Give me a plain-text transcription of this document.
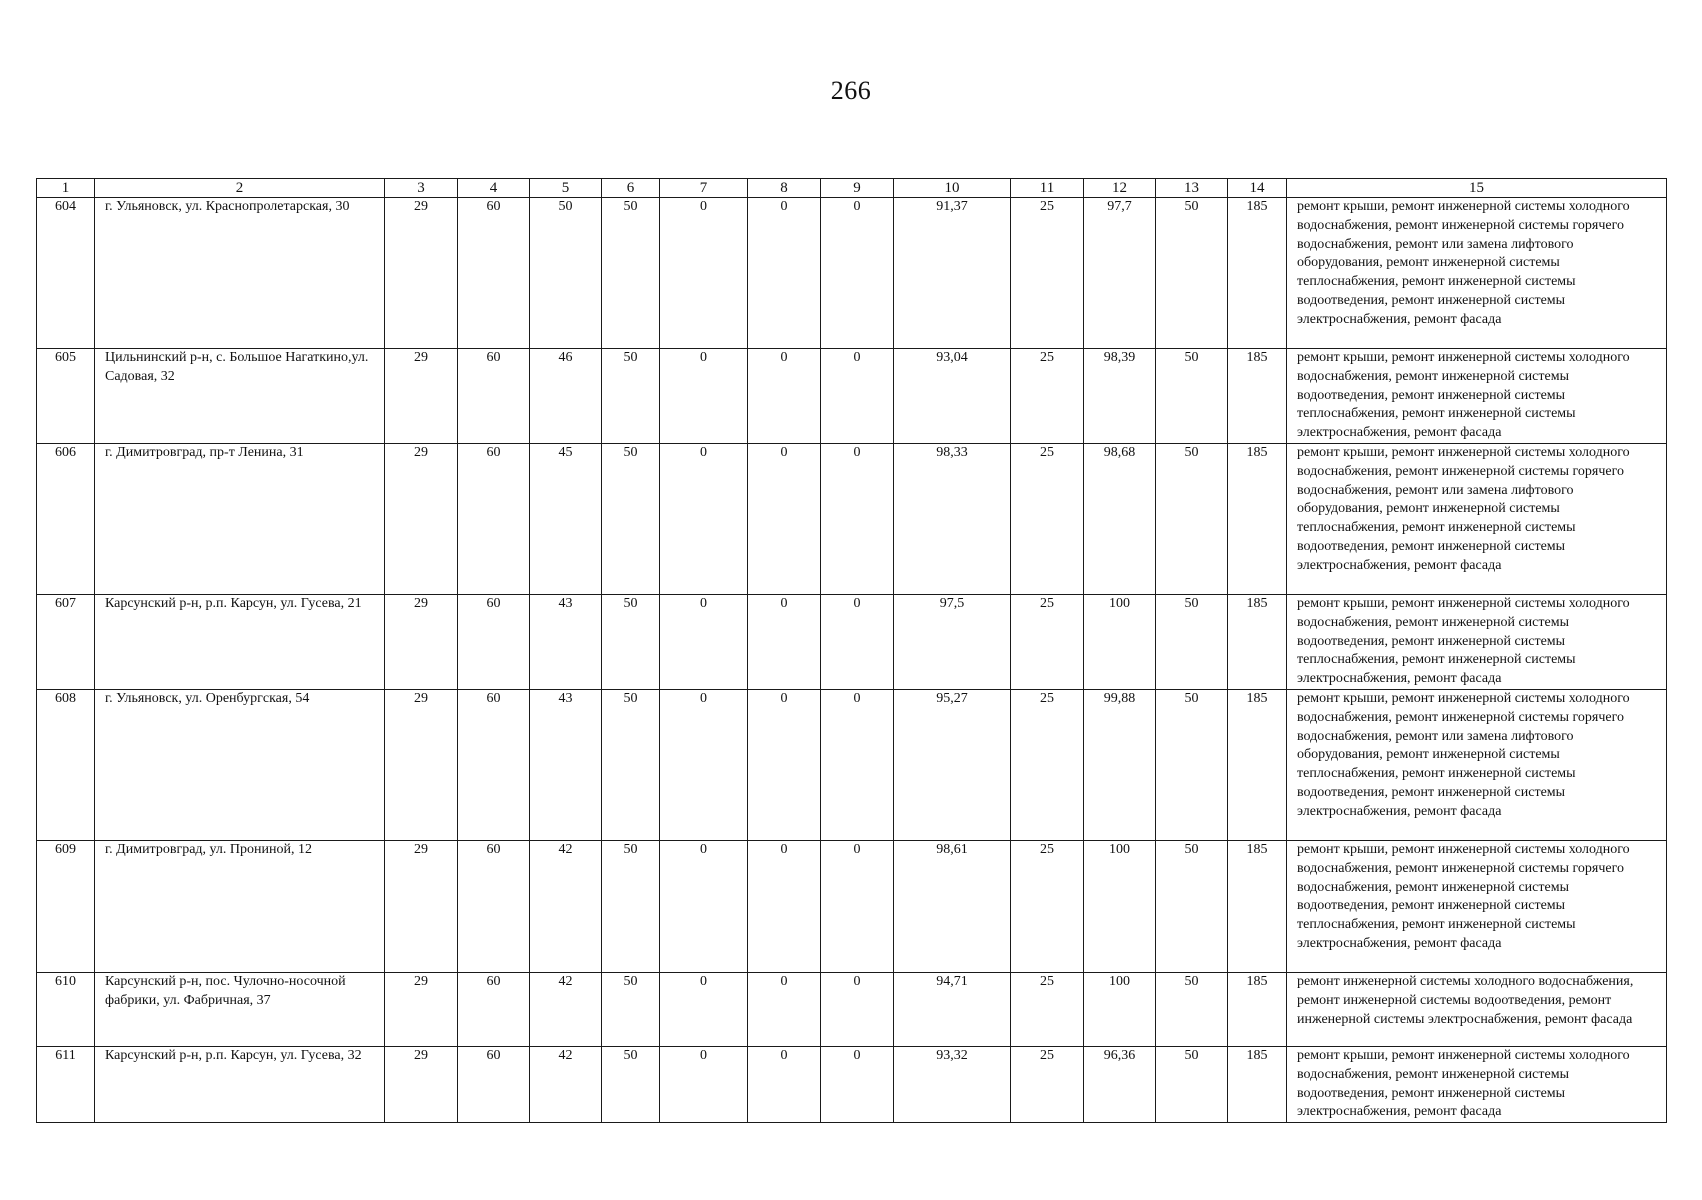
266
1	2	3	4	5	6	7	8	9	10	11	12	13	14	15
604	г. Ульяновск, ул. Краснопролетарская, 30	29	60	50	50	0	0	0	91,37	25	97,7	50	185	ремонт крыши, ремонт инженерной системы холодного водоснабжения, ремонт инженерной системы горячего водоснабжения, ремонт или замена лифтового оборудования, ремонт инженерной системы теплоснабжения, ремонт инженерной системы водоотведения, ремонт инженерной системы электроснабжения, ремонт фасада
605	Цильнинский р-н, с. Большое Нагаткино,ул. Садовая, 32	29	60	46	50	0	0	0	93,04	25	98,39	50	185	ремонт крыши, ремонт инженерной системы холодного водоснабжения, ремонт инженерной системы водоотведения, ремонт инженерной системы теплоснабжения, ремонт инженерной системы электроснабжения, ремонт фасада
606	г. Димитровград, пр-т Ленина, 31	29	60	45	50	0	0	0	98,33	25	98,68	50	185	ремонт крыши, ремонт инженерной системы холодного водоснабжения, ремонт инженерной системы горячего водоснабжения, ремонт или замена лифтового оборудования, ремонт инженерной системы теплоснабжения, ремонт инженерной системы водоотведения, ремонт инженерной системы электроснабжения, ремонт фасада
607	Карсунский р-н, р.п. Карсун, ул. Гусева, 21	29	60	43	50	0	0	0	97,5	25	100	50	185	ремонт крыши, ремонт инженерной системы холодного водоснабжения, ремонт инженерной системы водоотведения, ремонт инженерной системы теплоснабжения, ремонт инженерной системы электроснабжения, ремонт фасада
608	г. Ульяновск, ул. Оренбургская, 54	29	60	43	50	0	0	0	95,27	25	99,88	50	185	ремонт крыши, ремонт инженерной системы холодного водоснабжения, ремонт инженерной системы горячего водоснабжения, ремонт или замена лифтового оборудования, ремонт инженерной системы теплоснабжения, ремонт инженерной системы водоотведения, ремонт инженерной системы электроснабжения, ремонт фасада
609	г. Димитровград, ул. Прониной, 12	29	60	42	50	0	0	0	98,61	25	100	50	185	ремонт крыши, ремонт инженерной системы холодного водоснабжения, ремонт инженерной системы горячего водоснабжения, ремонт инженерной системы водоотведения, ремонт инженерной системы теплоснабжения, ремонт инженерной системы электроснабжения, ремонт фасада
610	Карсунский р-н, пос. Чулочно-носочной фабрики, ул. Фабричная, 37	29	60	42	50	0	0	0	94,71	25	100	50	185	ремонт инженерной системы холодного водоснабжения, ремонт инженерной системы водоотведения, ремонт инженерной системы электроснабжения, ремонт фасада
611	Карсунский р-н, р.п. Карсун, ул. Гусева, 32	29	60	42	50	0	0	0	93,32	25	96,36	50	185	ремонт крыши, ремонт инженерной системы холодного водоснабжения, ремонт инженерной системы водоотведения, ремонт инженерной системы электроснабжения, ремонт фасада
